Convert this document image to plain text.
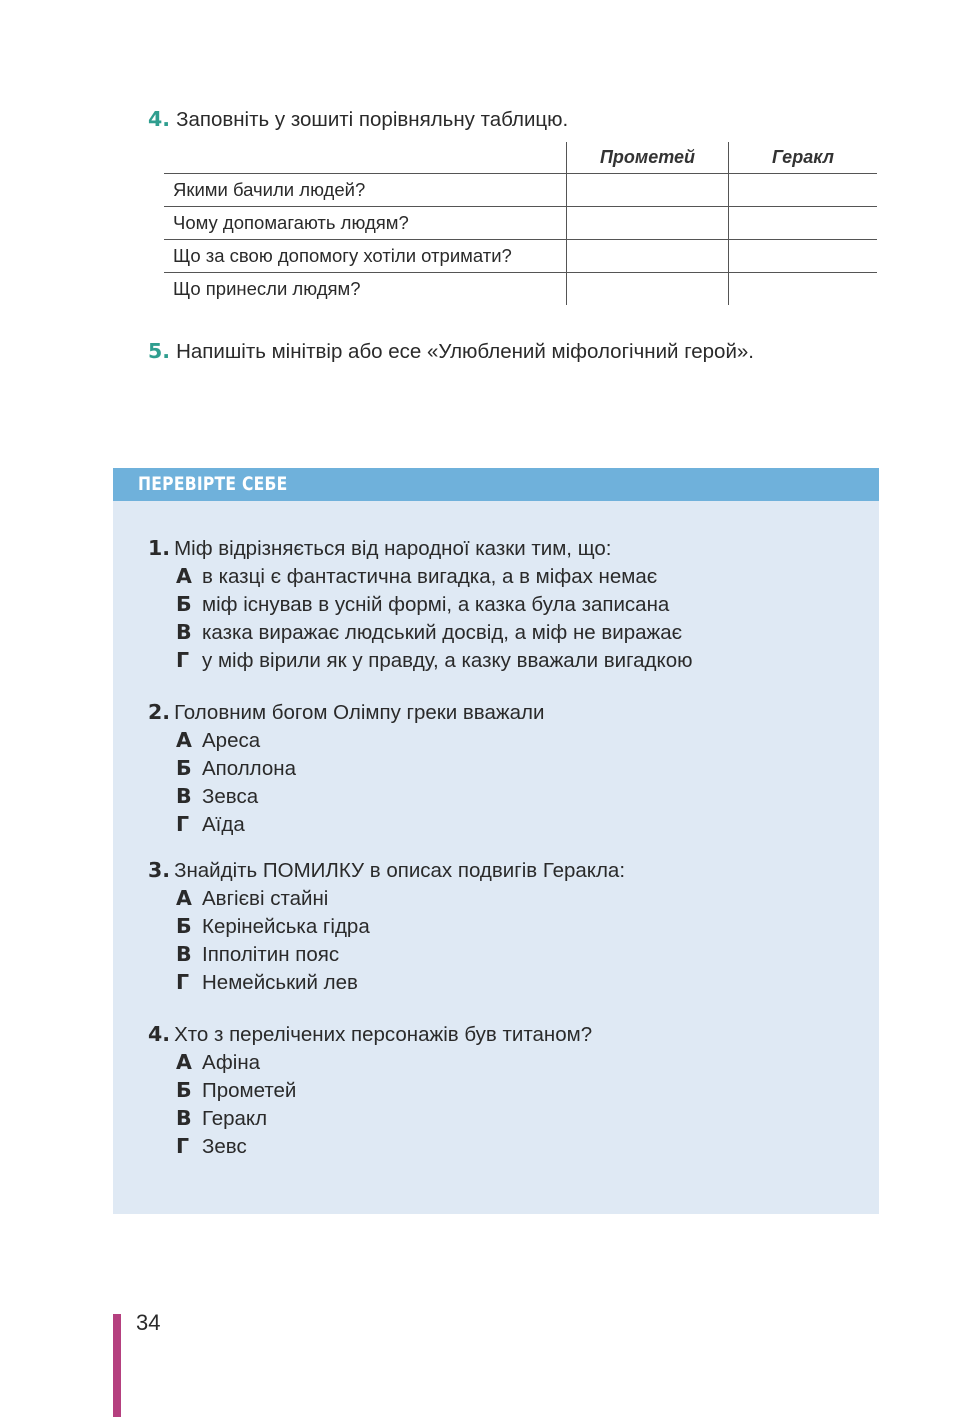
4. Заповніть у зошиті порівняльну таблицю.
	Прометей	Геракл
Якими бачили людей?		
Чому допомагають людям?		
Що за свою допомогу хотіли отримати?		
Що принесли людям?		
5. Напишіть мінітвір або есе «Улюблений міфологічний герой».
ПЕРЕВІРТЕ СЕБЕ
1. Міф відрізняється від народної казки тим, що:
А в казці є фантастична вигадка, а в міфах немає
Б міф існував в усній формі, а казка була записана
В казка виражає людський досвід, а міф не виражає
Г у міф вірили як у правду, а казку вважали вигадкою
2. Головним богом Олімпу греки вважали
А Ареса
Б Аполлона
В Зевса
Г Аїда
3. Знайдіть ПОМИЛКУ в описах подвигів Геракла:
А Авгієві стайні
Б Керінейська гідра
В Іпполітин пояс
Г Немейський лев
4. Хто з перелічених персонажів був титаном?
А Афіна
Б Прометей
В Геракл
Г Зевс
34
